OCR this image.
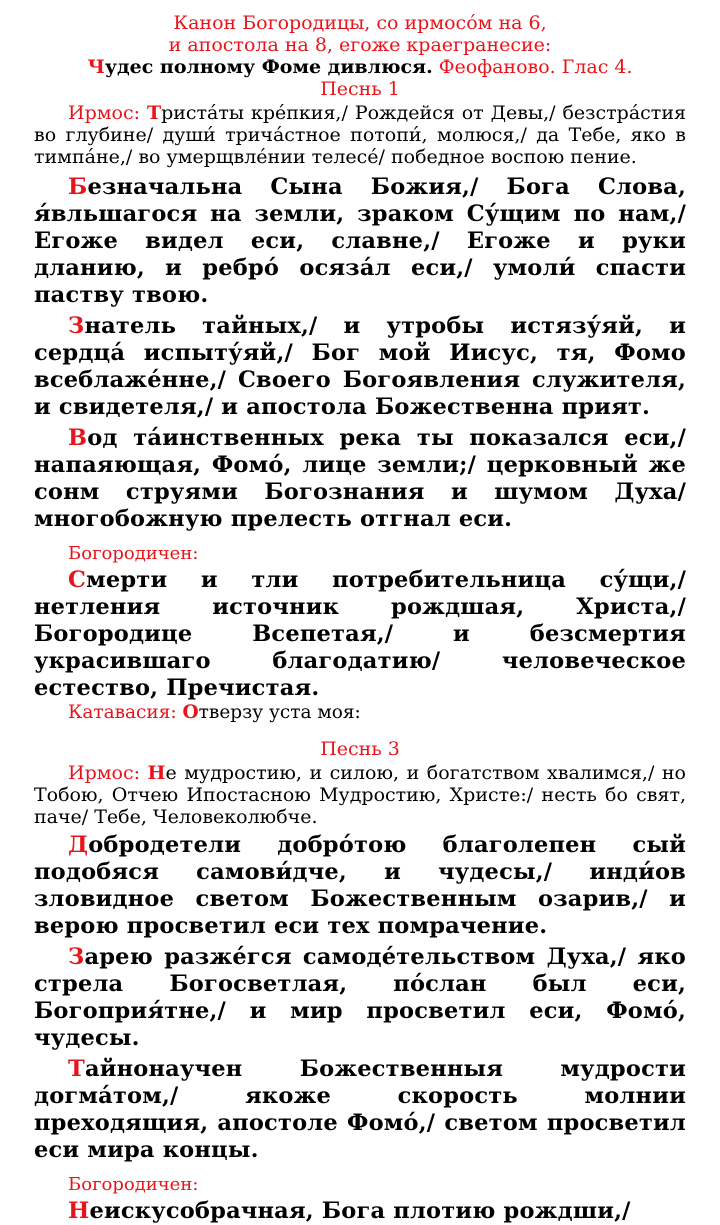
Канон Богородицы, со ирмосо́м на 6,
и апостола на 8, егоже краегранесие:
Чудес полному Фоме дивлюся. Феофаново. Глас 4.
Песнь 1
Ирмос: Триста́ты кре́пкия,/ Рождейся от Девы,/ безстра́стия во глубине/ души́ трича́стное потопи́, молюся,/ да Тебе, яко в тимпа́не,/ во умерщвле́нии телесе́/ победное воспою пение.
Безначальна Сына Божия,/ Бога Слова, я́вльшагося на земли, зраком Су́щим по нам,/ Егоже видел еси, славне,/ Егоже и руки дланию, и ребро́ осяза́л еси,/ умоли́ спасти паству твою.
Знатель тайных,/ и утробы истязу́яй, и сердца́ испыту́яй,/ Бог мой Иисус, тя, Фомо всеблаже́нне,/ Своего Богоявления служителя, и свидетеля,/ и апостола Божественна прият.
Вод та́инственных река ты показался еси,/ напаяющая, Фомо́, лице земли;/ церковный же сонм струями Богознания и шумом Духа/ многобожную прелесть отгнал еси.
Богородичен:
Смерти и тли потребительница су́щи,/ нетления источник рождшая, Христа,/ Богородице Всепетая,/ и безсмертия украсившаго благодатию/ человеческое естество, Пречистая.
Катавасия: Отверзу уста моя:
Песнь 3
Ирмос: Не мудростию, и силою, и богатством хвалимся,/ но Тобою, Отчею Ипостасною Мудростию, Христе:/ несть бо свят, паче/ Тебе, Человеколюбче.
Добродетели добро́тою благолепен сый подобяся самови́дче, и чудесы,/ инди́ов зловидное светом Божественным озарив,/ и верою просветил еси тех помрачение.
Зарею разже́гся самоде́тельством Духа,/ яко стрела Богосветлая, по́слан был еси, Богоприя́тне,/ и мир просветил еси, Фомо́, чудесы.
Тайнонаучен Божественныя мудрости догма́том,/ якоже скорость молнии преходящия, апостоле Фомо́,/ светом просветил еси мира концы.
Богородичен:
Неискусобрачная, Бога плотию рождши,/
